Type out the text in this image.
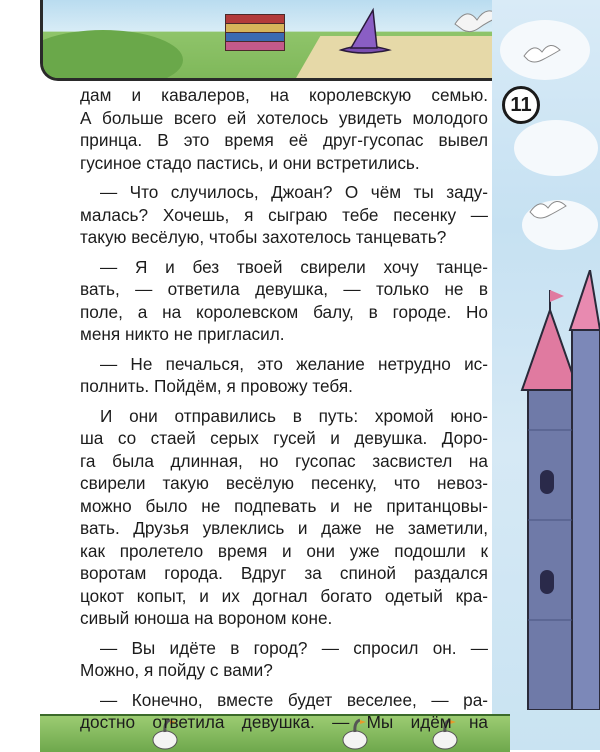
11
дам и кавалеров, на королевскую семью.
А больше всего ей хотелось увидеть молодого
принца. В это время её друг-гусопас вывел
гусиное стадо пастись, и они встретились.
— Что случилось, Джоан? О чём ты заду-
малась? Хочешь, я сыграю тебе песенку —
такую весёлую, чтобы захотелось танцевать?
— Я и без твоей свирели хочу танце-
вать, — ответила девушка, — только не в
поле, а на королевском балу, в городе. Но
меня никто не пригласил.
— Не печалься, это желание нетрудно ис-
полнить. Пойдём, я провожу тебя.
И они отправились в путь: хромой юно-
ша со стаей серых гусей и девушка. Доро-
га была длинная, но гусопас засвистел на
свирели такую весёлую песенку, что невоз-
можно было не подпевать и не пританцовы-
вать. Друзья увлеклись и даже не заметили,
как пролетело время и они уже подошли к
воротам города. Вдруг за спиной раздался
цокот копыт, и их догнал богато одетый кра-
сивый юноша на вороном коне.
— Вы идёте в город? — спросил он. —
Можно, я пойду с вами?
— Конечно, вместе будет веселее, — ра-
достно ответила девушка. — Мы идём на
